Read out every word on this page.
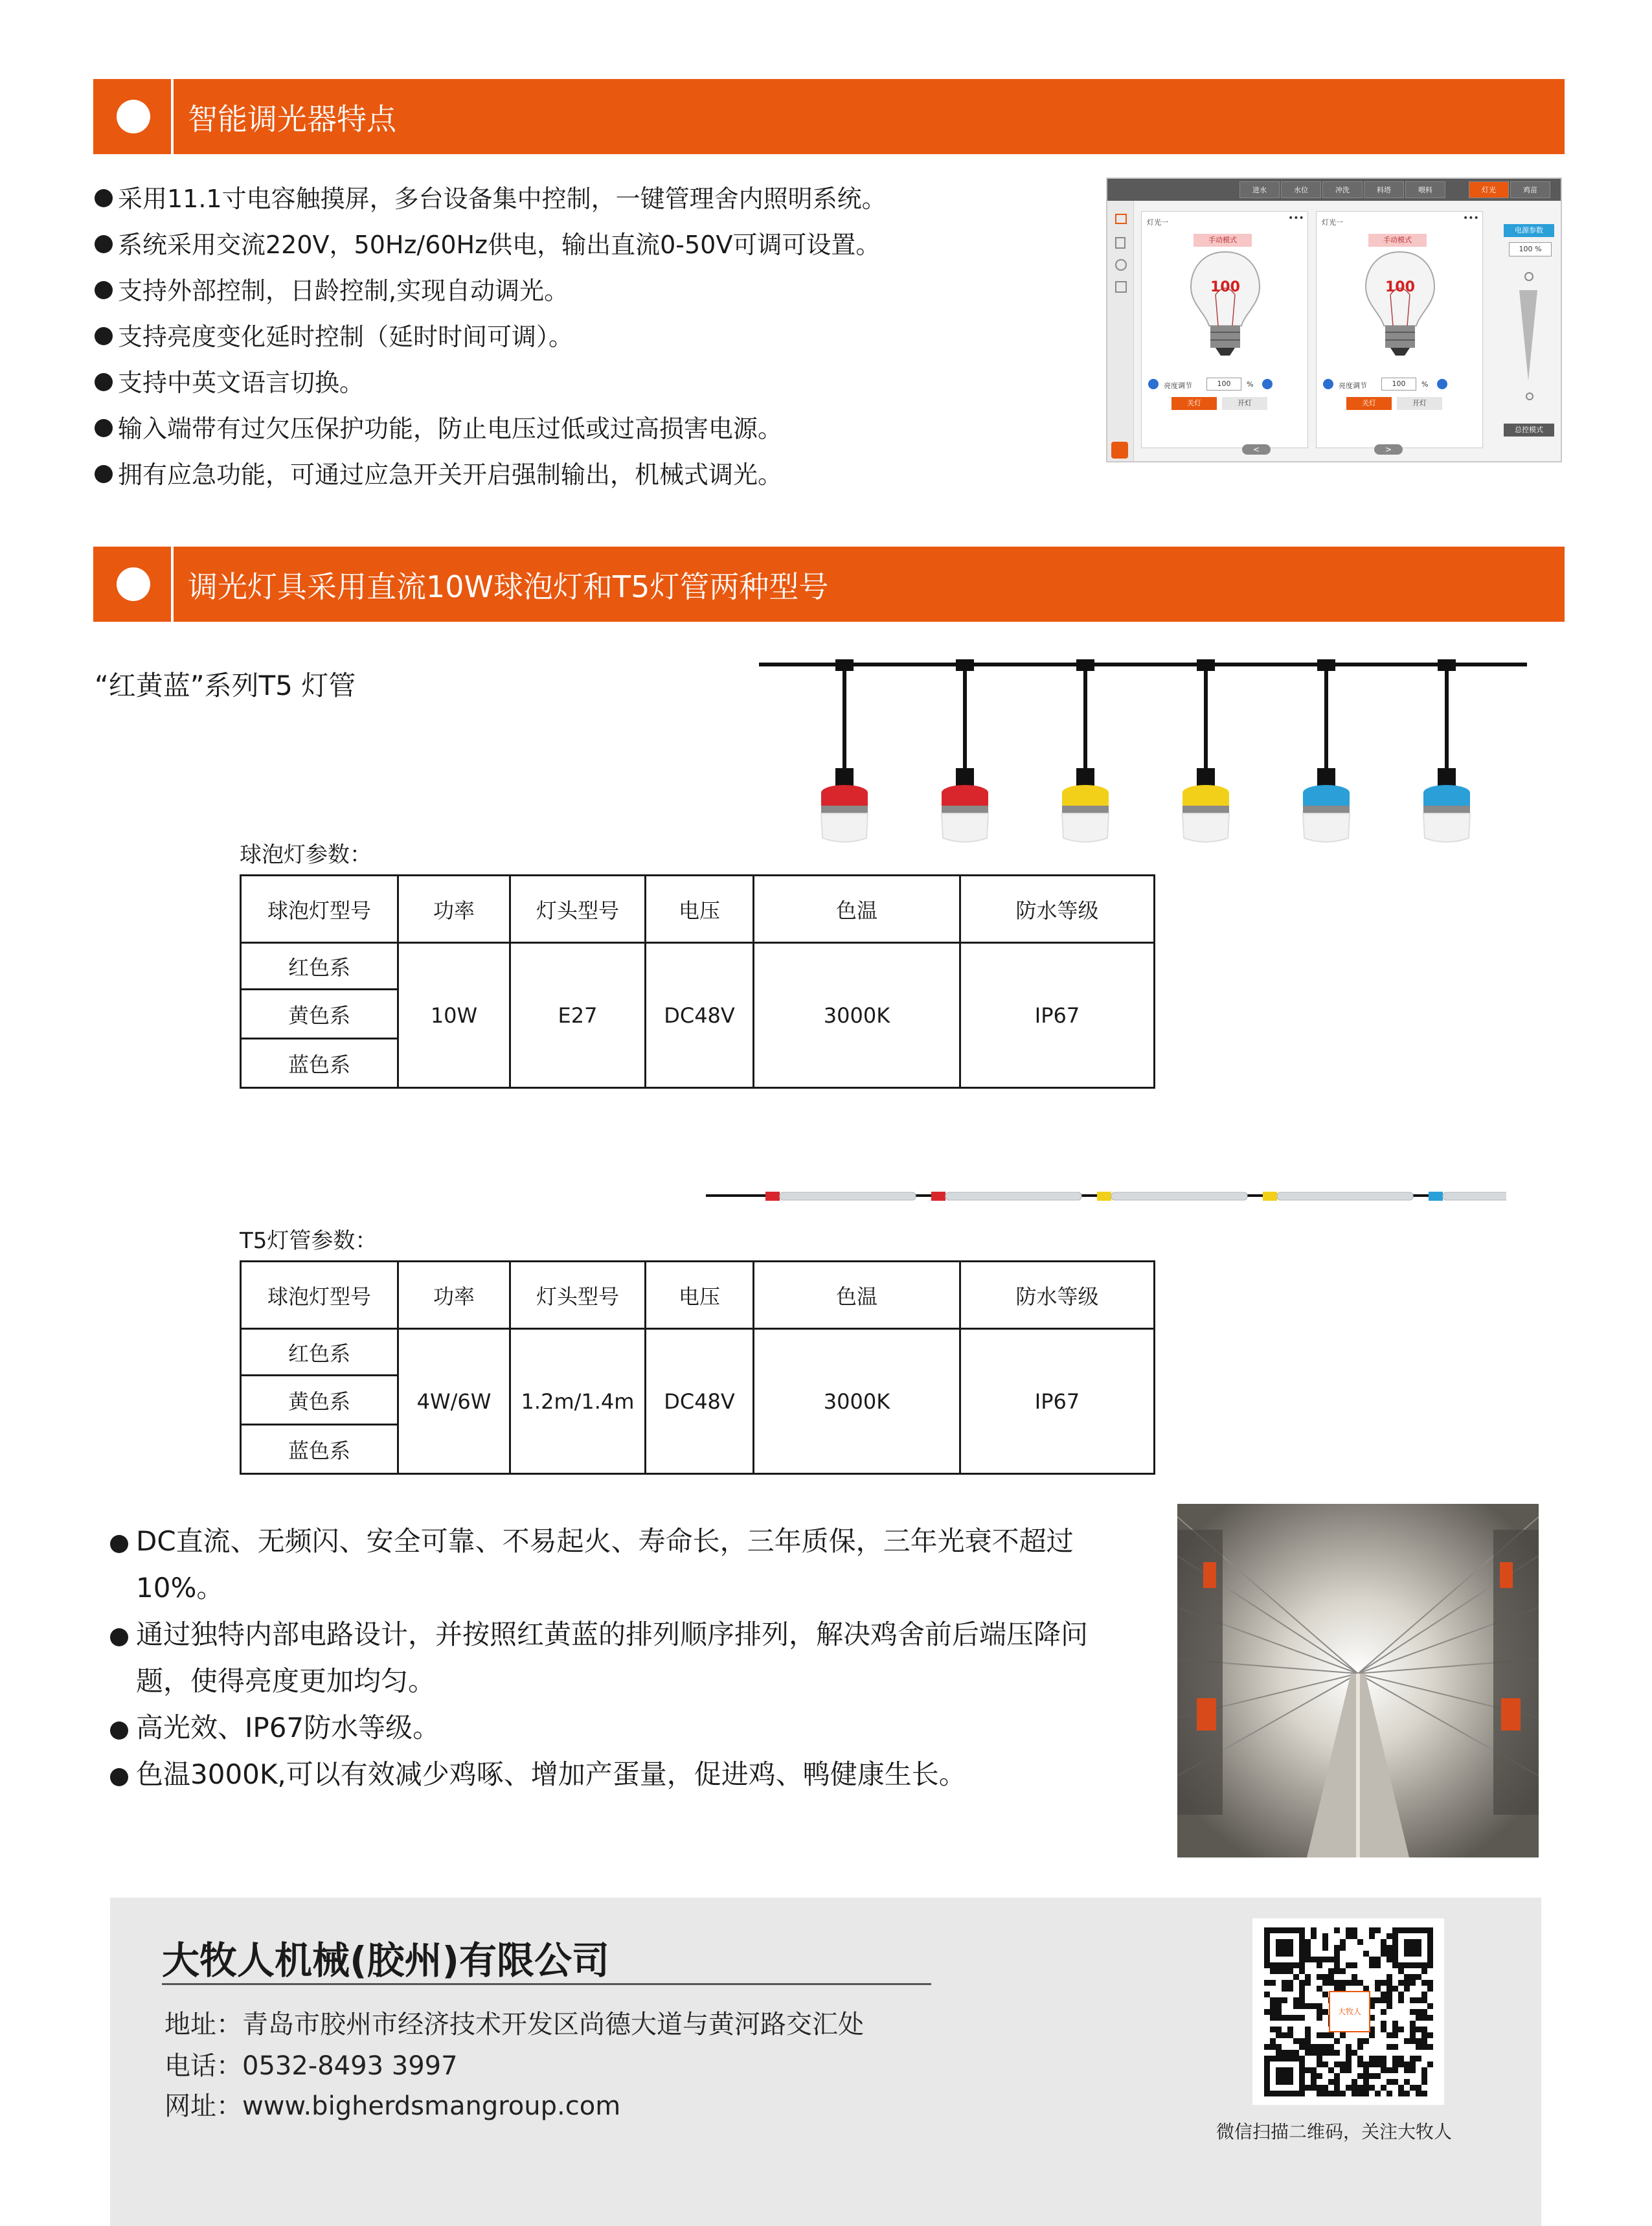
智能调光器特点
采用11.1寸电容触摸屏，多台设备集中控制，一键管理舍内照明系统。
系统采用交流220V，50Hz/60Hz供电，输出直流0-50V可调可设置。
支持外部控制，日龄控制,实现自动调光。
支持亮度变化延时控制（延时时间可调）。
支持中英文语言切换。
输入端带有过欠压保护功能，防止电压过低或过高损害电源。
拥有应急功能，可通过应急开关开启强制输出，机械式调光。
进水	水位	冲洗	料塔	喂料	灯光	鸡苗
灯光一	•••
手动模式
100
亮度调节	100	%
关灯	开灯
灯光一	•••
手动模式
100
亮度调节	100	%
关灯	开灯
<	>
电源参数
100 %
总控模式
调光灯具采用直流10W球泡灯和T5灯管两种型号
“红黄蓝”系列T5 灯管
球泡灯参数：
球泡灯型号	功率	灯头型号	电压	色温	防水等级
红色系	10W	E27	DC48V	3000K	IP67
黄色系					
蓝色系					
T5灯管参数：
球泡灯型号	功率	灯头型号	电压	色温	防水等级
红色系	4W/6W	1.2m/1.4m	DC48V	3000K	IP67
黄色系					
蓝色系					
DC直流、无频闪、安全可靠、不易起火、寿命长，三年质保，三年光衰不超过10%。
通过独特内部电路设计，并按照红黄蓝的排列顺序排列，解决鸡舍前后端压降问题，使得亮度更加均匀。
高光效、IP67防水等级。
色温3000K,可以有效减少鸡啄、增加产蛋量，促进鸡、鸭健康生长。
大牧人机械(胶州)有限公司
地址：青岛市胶州市经济技术开发区尚德大道与黄河路交汇处
电话：0532-8493 3997
网址：www.bigherdsmangroup.com
大牧人
微信扫描二维码，关注大牧人
